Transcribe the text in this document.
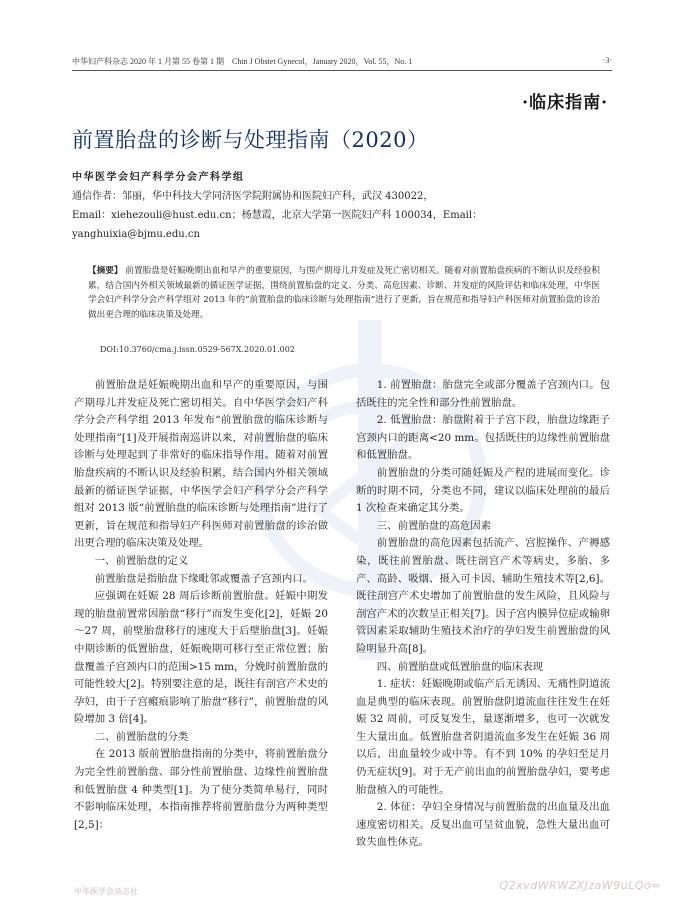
中华妇产科杂志 2020 年 1 月第 55 卷第 1 期　Chin J Obstet Gynecol，January 2020，Vol. 55，No. 1	·3·
·临床指南·
前置胎盘的诊断与处理指南（2020）
中华医学会妇产科学分会产科学组
通信作者：邹丽，华中科技大学同济医学院附属协和医院妇产科，武汉 430022，
Email：xiehezouli@hust.edu.cn；杨慧霞，北京大学第一医院妇产科 100034，Email：
yanghuixia@bjmu.edu.cn
【摘要】 前置胎盘是妊娠晚期出血和早产的重要原因，与围产期母儿并发症及死亡密切相关。随着对前置胎盘疾病的不断认识及经验积累，结合国内外相关领域最新的循证医学证据，围绕前置胎盘的定义、分类、高危因素、诊断、并发症的风险评估和临床处理，中华医学会妇产科学分会产科学组对 2013 年的“前置胎盘的临床诊断与处理指南”进行了更新，旨在规范和指导妇产科医师对前置胎盘的诊治做出更合理的临床决策及处理。
DOI:10.3760/cma.j.issn.0529-567X.2020.01.002

前置胎盘是妊娠晚期出血和早产的重要原因，与围产期母儿并发症及死亡密切相关。自中华医学会妇产科学分会产科学组 2013 年发布“前置胎盘的临床诊断与处理指南”[1]及开展指南巡讲以来，对前置胎盘的临床诊断与处理起到了非常好的临床指导作用。随着对前置胎盘疾病的不断认识及经验积累，结合国内外相关领域最新的循证医学证据，中华医学会妇产科学分会产科学组对 2013 版“前置胎盘的临床诊断与处理指南”进行了更新，旨在规范和指导妇产科医师对前置胎盘的诊治做出更合理的临床决策及处理。

一、前置胎盘的定义

前置胎盘是指胎盘下缘毗邻或覆盖子宫颈内口。

应强调在妊娠 28 周后诊断前置胎盘。妊娠中期发现的胎盘前置常因胎盘“移行”而发生变化[2]，妊娠 20～27 周，前壁胎盘移行的速度大于后壁胎盘[3]。妊娠中期诊断的低置胎盘，妊娠晚期可移行至正常位置；胎盘覆盖子宫颈内口的范围>15 mm，分娩时前置胎盘的可能性较大[2]。特别要注意的是，既往有剖宫产术史的孕妇，由于子宫瘢痕影响了胎盘“移行”，前置胎盘的风险增加 3 倍[4]。

二、前置胎盘的分类

在 2013 版前置胎盘指南的分类中，将前置胎盘分为完全性前置胎盘、部分性前置胎盘、边缘性前置胎盘和低置胎盘 4 种类型[1]。为了使分类简单易行，同时不影响临床处理，本指南推荐将前置胎盘分为两种类型[2,5]：

1. 前置胎盘：胎盘完全或部分覆盖子宫颈内口。包括既往的完全性和部分性前置胎盘。

2. 低置胎盘：胎盘附着于子宫下段，胎盘边缘距子宫颈内口的距离<20 mm。包括既往的边缘性前置胎盘和低置胎盘。

前置胎盘的分类可随妊娠及产程的进展而变化。诊断的时期不同，分类也不同，建议以临床处理前的最后 1 次检查来确定其分类。

三、前置胎盘的高危因素

前置胎盘的高危因素包括流产、宫腔操作、产褥感染，既往前置胎盘、既往剖宫产术等病史，多胎、多产、高龄、吸烟、摄入可卡因、辅助生殖技术等[2,6]。既往剖宫产术史增加了前置胎盘的发生风险，且风险与剖宫产术的次数呈正相关[7]。因子宫内膜异位症或输卵管因素采取辅助生殖技术治疗的孕妇发生前置胎盘的风险明显升高[8]。

四、前置胎盘或低置胎盘的临床表现

1. 症状：妊娠晚期或临产后无诱因、无痛性阴道流血是典型的临床表现。前置胎盘阴道流血往往发生在妊娠 32 周前，可反复发生，量逐渐增多，也可一次就发生大量出血。低置胎盘者阴道流血多发生在妊娠 36 周以后，出血量较少或中等。有不到 10% 的孕妇至足月仍无症状[9]。对于无产前出血的前置胎盘孕妇，要考虑胎盘植入的可能性。

2. 体征：孕妇全身情况与前置胎盘的出血量及出血速度密切相关。反复出血可呈贫血貌，急性大量出血可致失血性休克。

中华医学会杂志社	Q2xvdWRWZXJzaW9uLQo=
